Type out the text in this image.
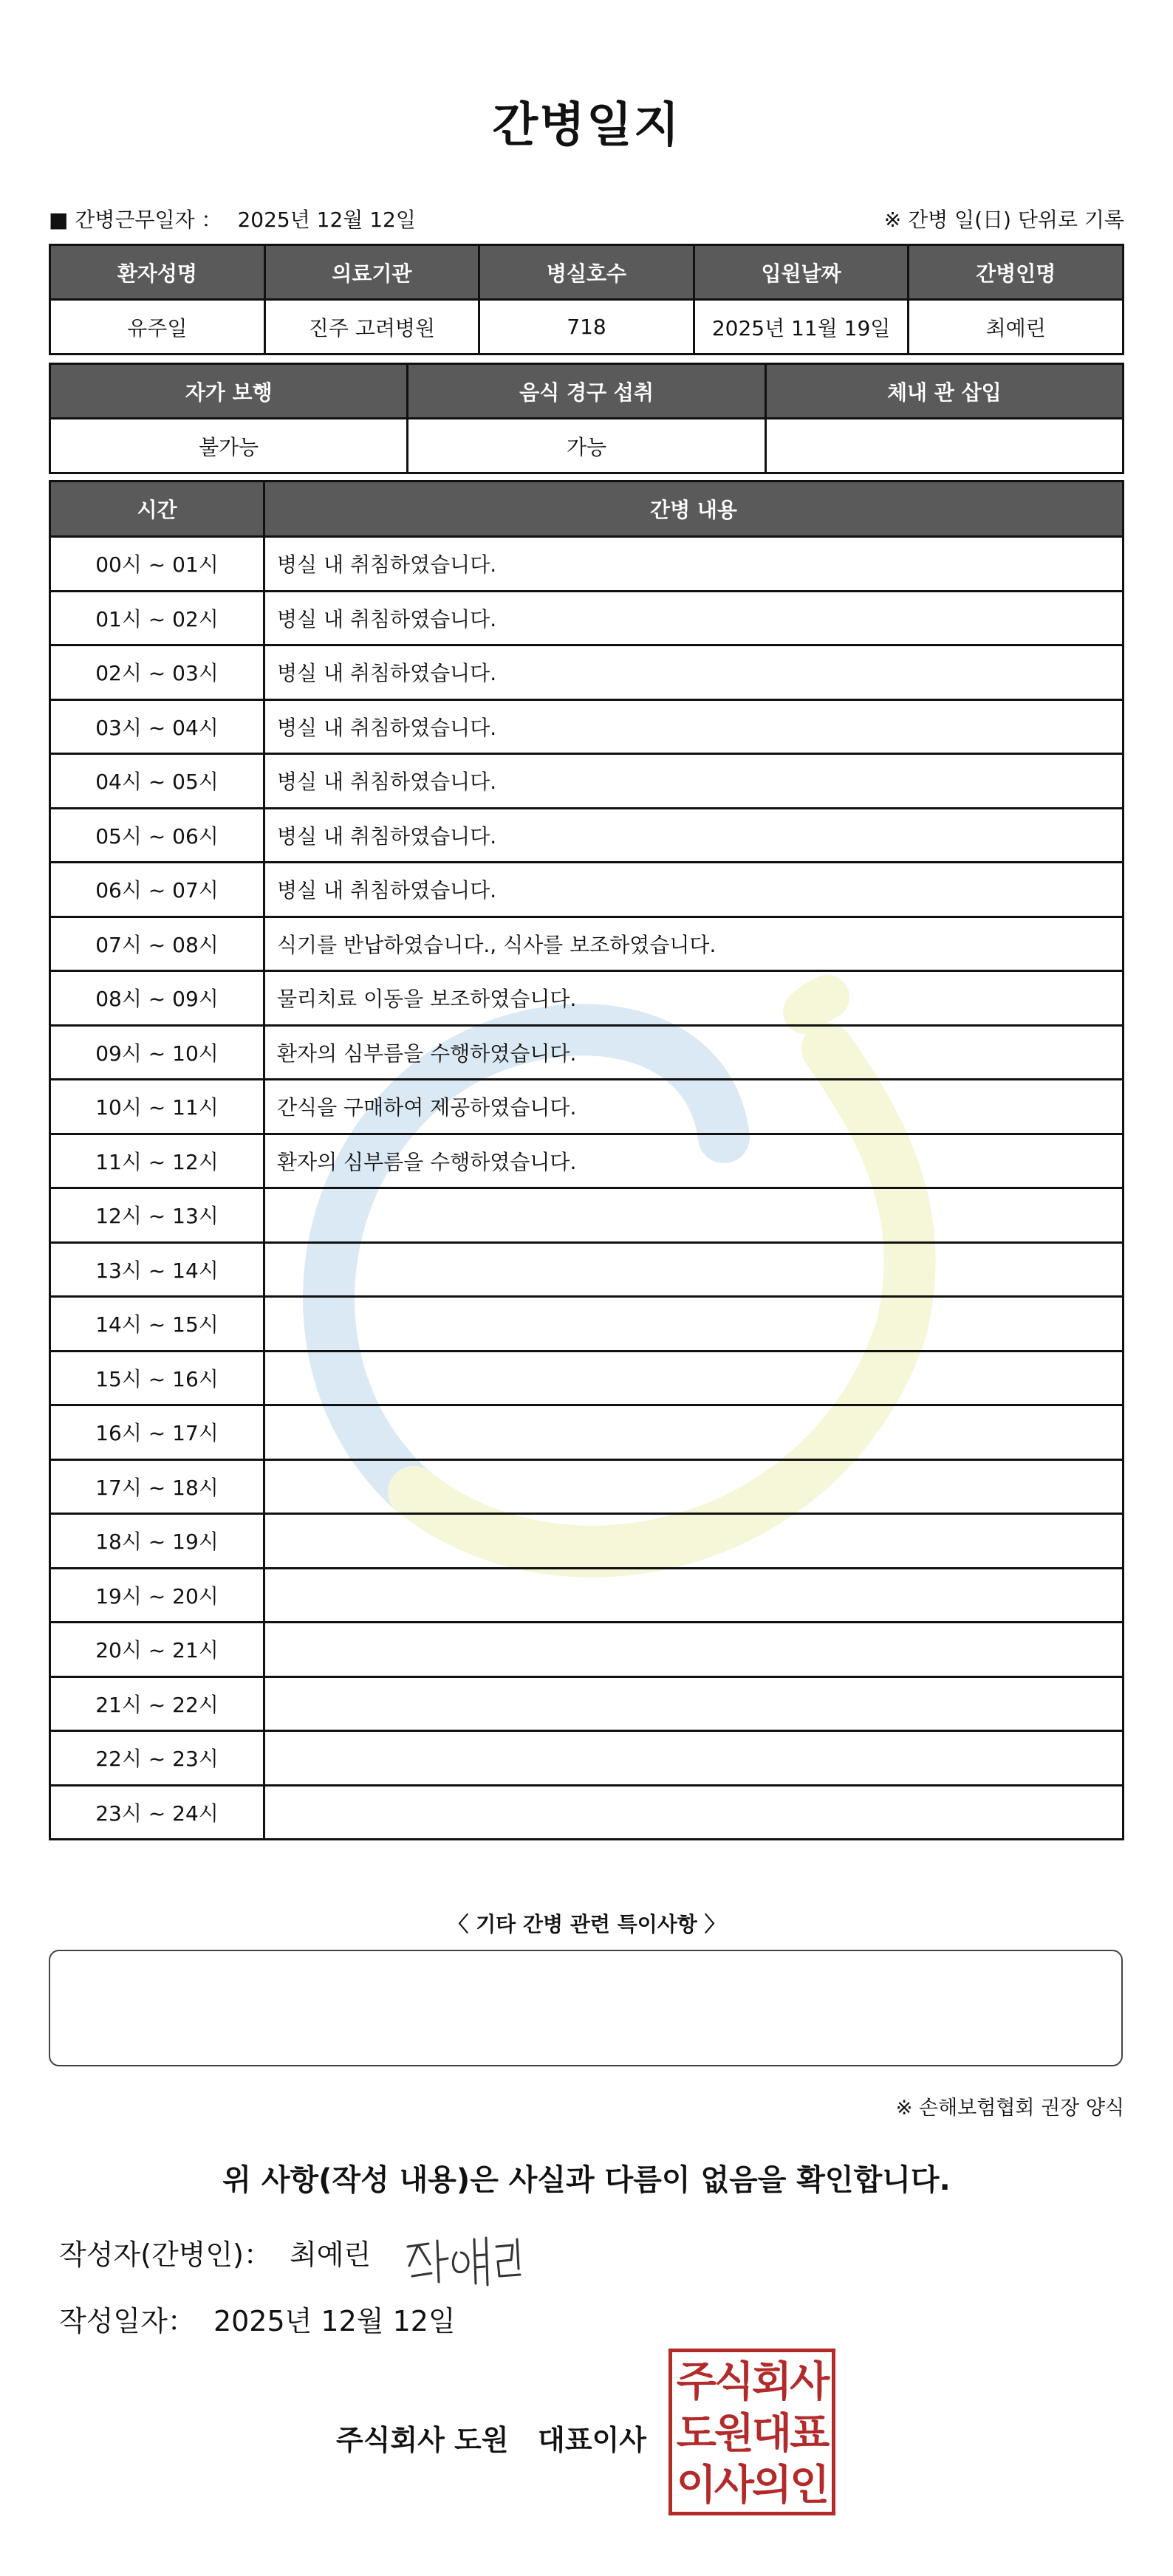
간병일지
■ 간병근무일자 ： 2025년 12월 12일	※ 간병 일(日) 단위로 기록
환자성명	의료기관	병실호수	입원날짜	간병인명
유주일	진주 고려병원	718	2025년 11월 19일	최예린
자가 보행	음식 경구 섭취	체내 관 삽입
불가능	가능	
시간	간병 내용
00시 ~ 01시	병실 내 취침하였습니다.
01시 ~ 02시	병실 내 취침하였습니다.
02시 ~ 03시	병실 내 취침하였습니다.
03시 ~ 04시	병실 내 취침하였습니다.
04시 ~ 05시	병실 내 취침하였습니다.
05시 ~ 06시	병실 내 취침하였습니다.
06시 ~ 07시	병실 내 취침하였습니다.
07시 ~ 08시	식기를 반납하였습니다., 식사를 보조하였습니다.
08시 ~ 09시	물리치료 이동을 보조하였습니다.
09시 ~ 10시	환자의 심부름을 수행하였습니다.
10시 ~ 11시	간식을 구매하여 제공하였습니다.
11시 ~ 12시	환자의 심부름을 수행하였습니다.
12시 ~ 13시	
13시 ~ 14시	
14시 ~ 15시	
15시 ~ 16시	
16시 ~ 17시	
17시 ~ 18시	
18시 ~ 19시	
19시 ~ 20시	
20시 ~ 21시	
21시 ~ 22시	
22시 ~ 23시	
23시 ~ 24시	
〈 기타 간병 관련 특이사항 〉
※ 손해보험협회 권장 양식
위 사항(작성 내용)은 사실과 다름이 없음을 확인합니다.
작성자(간병인)： 최예린
작성일자： 2025년 12월 12일
주식회사 도원   대표이사
주식회사
도원대표
이사의인
